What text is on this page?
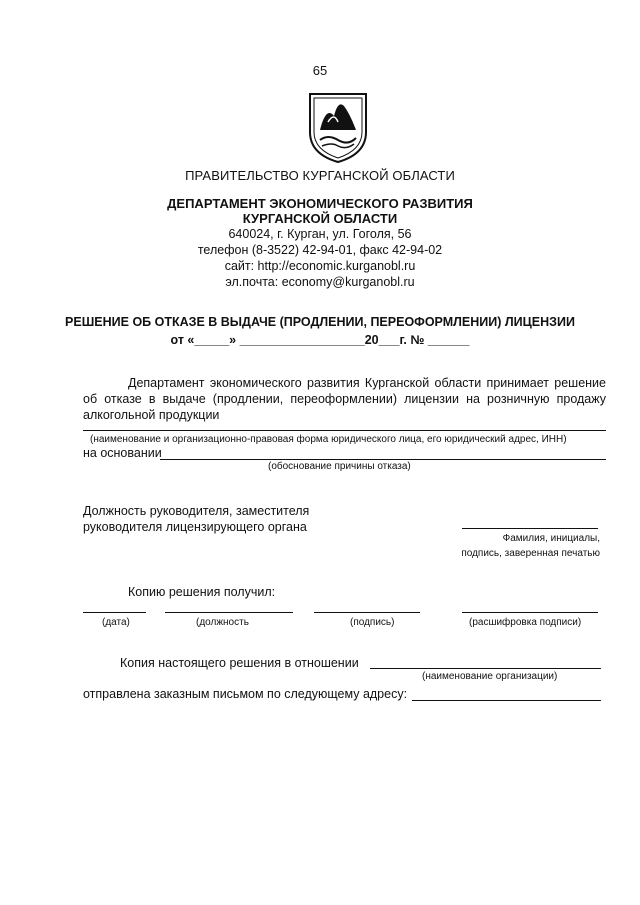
65
ПРАВИТЕЛЬСТВО КУРГАНСКОЙ ОБЛАСТИ
ДЕПАРТАМЕНТ ЭКОНОМИЧЕСКОГО РАЗВИТИЯ
КУРГАНСКОЙ ОБЛАСТИ
640024, г. Курган, ул. Гоголя, 56
телефон (8-3522) 42-94-01, факс 42-94-02
сайт: http://economic.kurganobl.ru
эл.почта: economy@kurganobl.ru
РЕШЕНИЕ ОБ ОТКАЗЕ В ВЫДАЧЕ (ПРОДЛЕНИИ, ПЕРЕОФОРМЛЕНИИ) ЛИЦЕНЗИИ
от «_____» __________________20___г. № ______
Департамент экономического развития Курганской области принимает решение об отказе в выдаче (продлении, переоформлении) лицензии на розничную продажу алкогольной продукции
(наименование и организационно-правовая форма юридического лица, его юридический адрес, ИНН)
на основании
(обоснование причины отказа)
Должность руководителя, заместителя
руководителя лицензирующего органа
Фамилия, инициалы,
подпись, заверенная печатью
Копию решения получил:
(дата)	(должность	(подпись)	(расшифровка подписи)
Копия настоящего решения в отношении
(наименование организации)
отправлена заказным письмом по следующему адресу:
